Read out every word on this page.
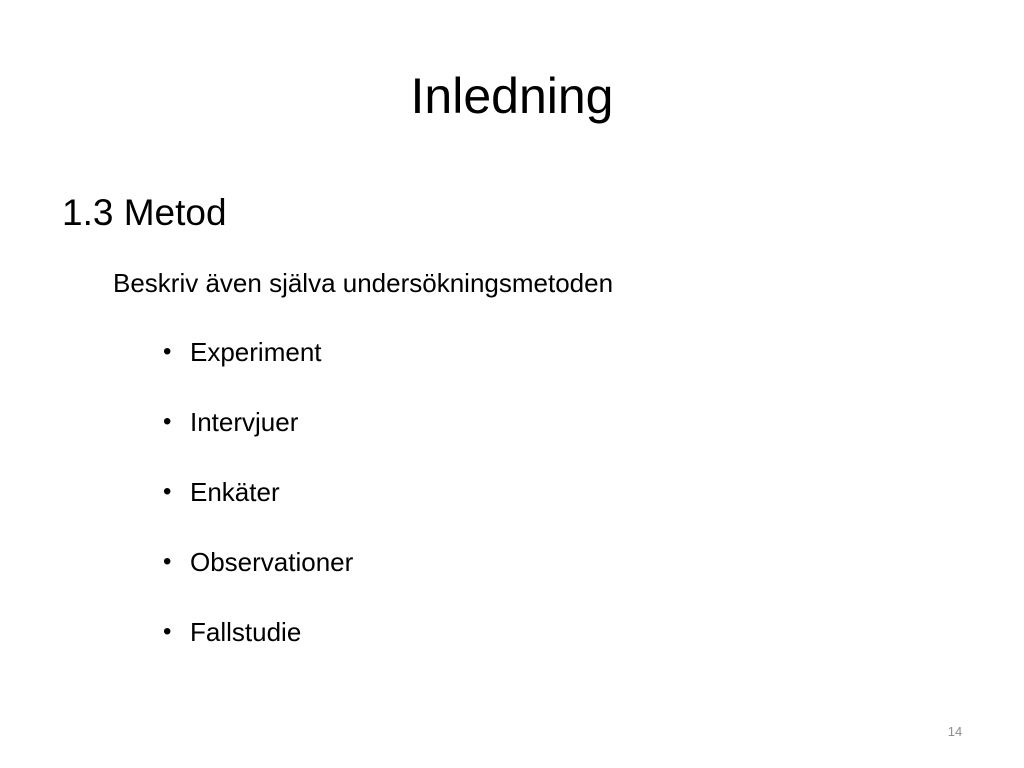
Inledning
1.3 Metod

Beskriv även själva undersökningsmetoden

• Experiment
• Intervjuer
• Enkäter
• Observationer
• Fallstudie
14
